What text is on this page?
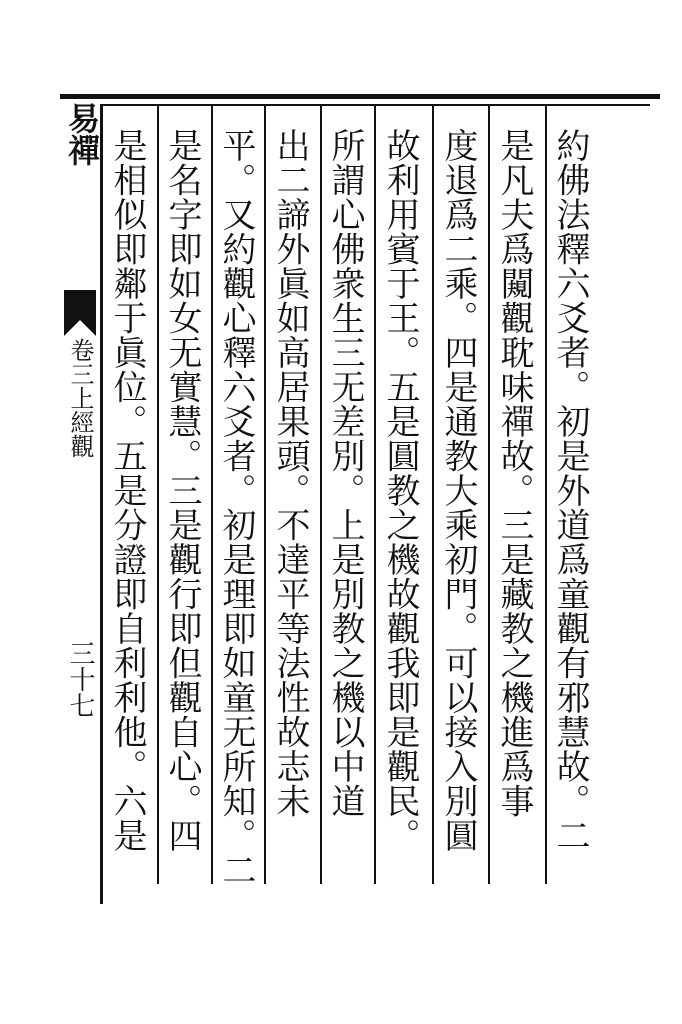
易禪
卷三上經觀
三十七	約佛法釋六爻者。初是外道爲童觀有邪慧故。二
是凡夫爲闚觀耽味禪故。三是藏教之機進爲事
度退爲二乘。四是通教大乘初門。可以接入別圓
故利用賓于王。五是圓教之機故觀我即是觀民。
所謂心佛衆生三无差別。上是別教之機以中道
出二諦外眞如高居果頭。不達平等法性故志未
平。又約觀心釋六爻者。初是理即如童无所知。二
是名字即如女无實慧。三是觀行即但觀自心。四
是相似即鄰于眞位。五是分證即自利利他。六是
